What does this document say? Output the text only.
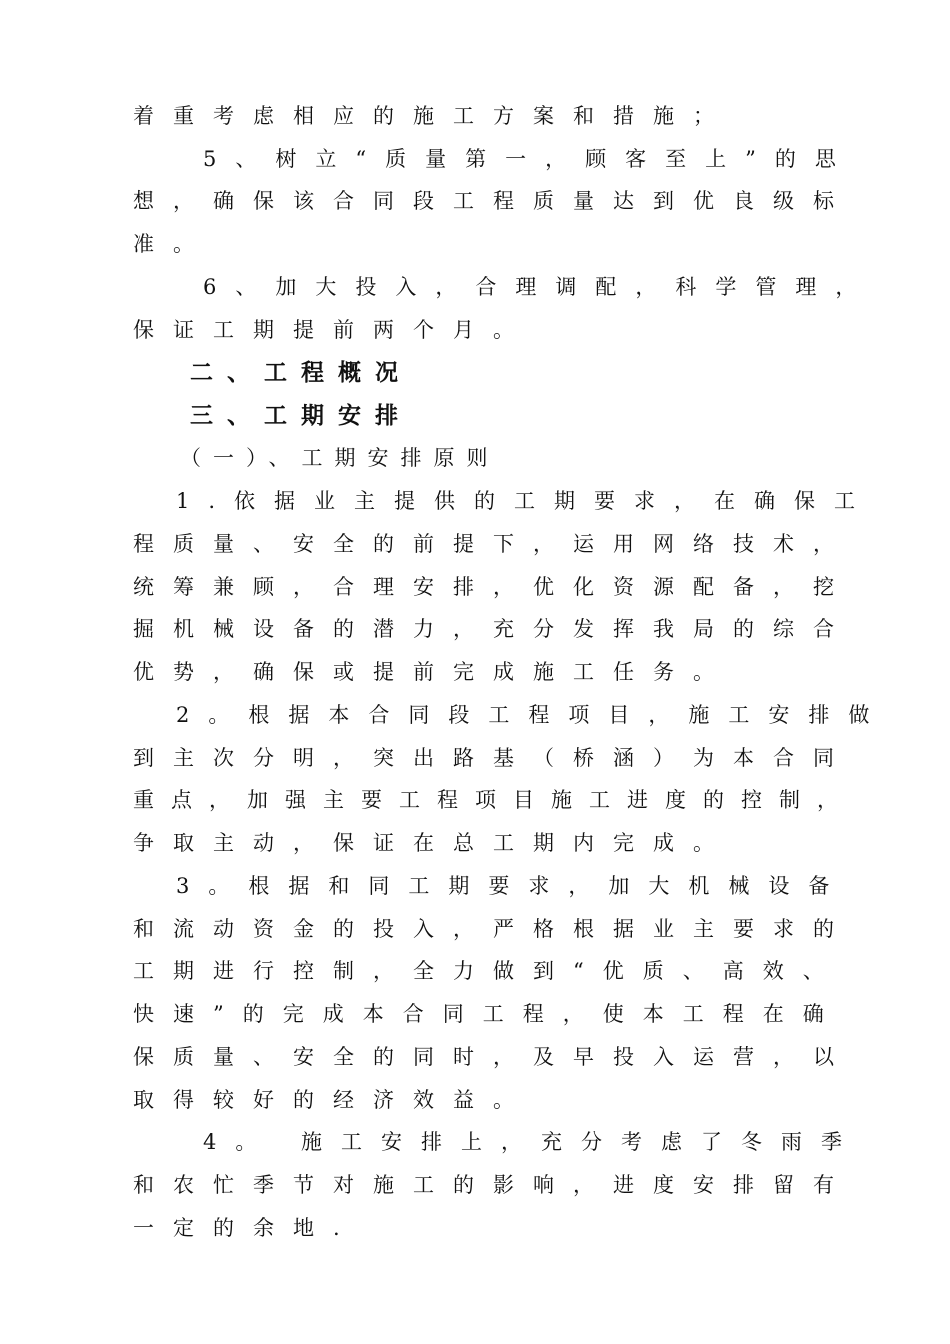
着重考虑相应的施工方案和措施；
5、树立“质量第一，顾客至上”的思
想，确保该合同段工程质量达到优良级标
准。
6、加大投入，合理调配，科学管理，
保证工期提前两个月。
二、工程概况
三、工期安排
（一）、工期安排原则
1.依据业主提供的工期要求，在确保工
程质量、安全的前提下，运用网络技术，
统筹兼顾，合理安排，优化资源配备，挖
掘机械设备的潜力，充分发挥我局的综合
优势，确保或提前完成施工任务。
2。根据本合同段工程项目，施工安排做
到主次分明，突出路基（桥涵）为本合同
重点，加强主要工程项目施工进度的控制，
争取主动，保证在总工期内完成。
3。根据和同工期要求，加大机械设备
和流动资金的投入，严格根据业主要求的
工期进行控制，全力做到“优质、高效、
快速”的完成本合同工程，使本工程在确
保质量、安全的同时，及早投入运营，以
取得较好的经济效益。
4。 施工安排上，充分考虑了冬雨季
和农忙季节对施工的影响，进度安排留有
一定的余地.
